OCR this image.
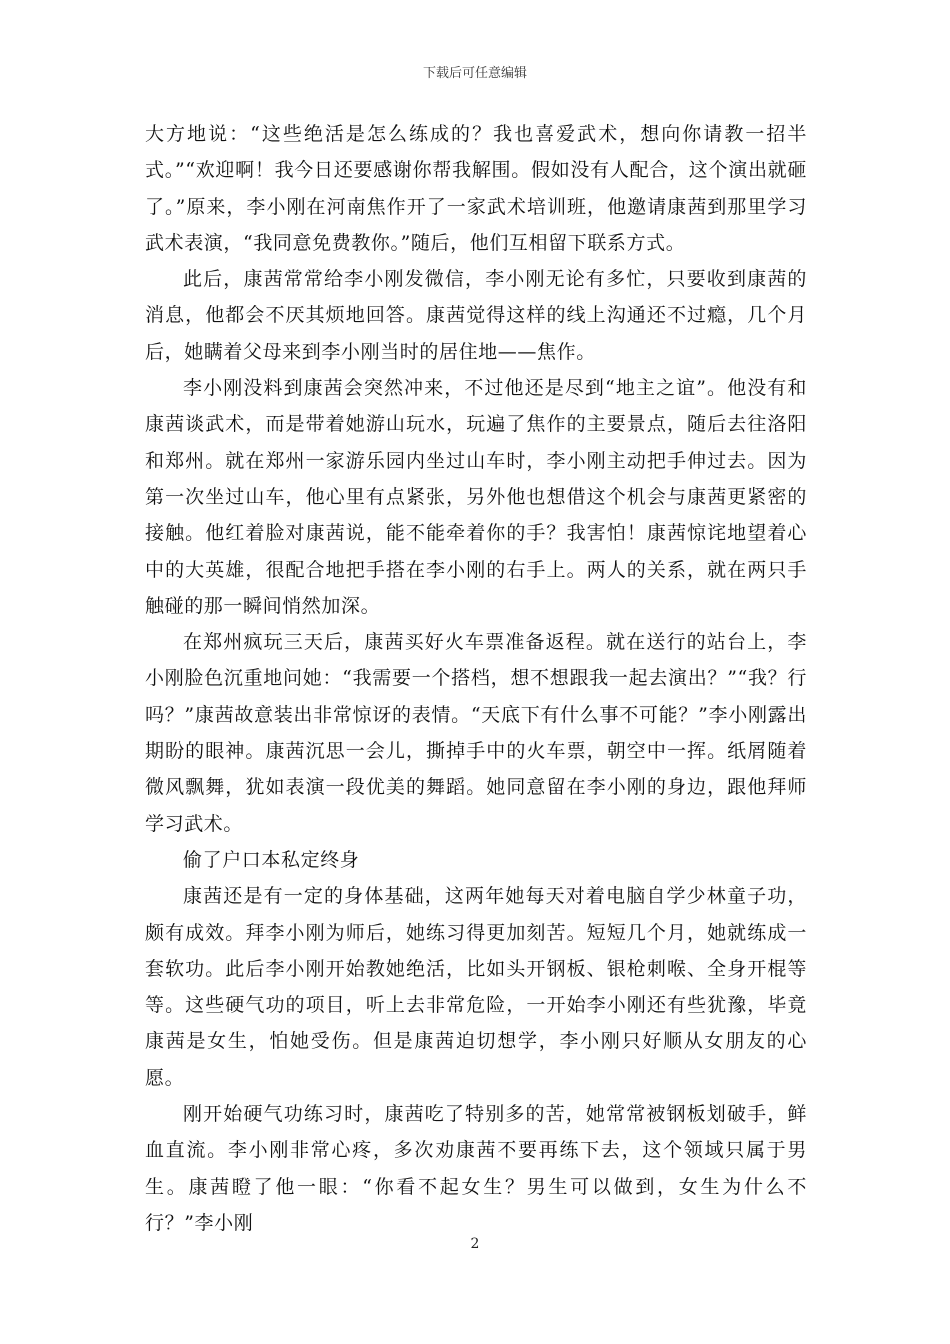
下载后可任意编辑

大方地说：“这些绝活是怎么练成的？我也喜爱武术，想向你请教一招半式。”“欢迎啊！我今日还要感谢你帮我解围。假如没有人配合，这个演出就砸了。”原来，李小刚在河南焦作开了一家武术培训班，他邀请康茜到那里学习武术表演，“我同意免费教你。”随后，他们互相留下联系方式。

此后，康茜常常给李小刚发微信，李小刚无论有多忙，只要收到康茜的消息，他都会不厌其烦地回答。康茜觉得这样的线上沟通还不过瘾，几个月后，她瞒着父母来到李小刚当时的居住地——焦作。

李小刚没料到康茜会突然冲来，不过他还是尽到“地主之谊”。他没有和康茜谈武术，而是带着她游山玩水，玩遍了焦作的主要景点，随后去往洛阳和郑州。就在郑州一家游乐园内坐过山车时，李小刚主动把手伸过去。因为第一次坐过山车，他心里有点紧张，另外他也想借这个机会与康茜更紧密的接触。他红着脸对康茜说，能不能牵着你的手？我害怕！康茜惊诧地望着心中的大英雄，很配合地把手搭在李小刚的右手上。两人的关系，就在两只手触碰的那一瞬间悄然加深。

在郑州疯玩三天后，康茜买好火车票准备返程。就在送行的站台上，李小刚脸色沉重地问她：“我需要一个搭档，想不想跟我一起去演出？”“我？行吗？”康茜故意装出非常惊讶的表情。“天底下有什么事不可能？”李小刚露出期盼的眼神。康茜沉思一会儿，撕掉手中的火车票，朝空中一挥。纸屑随着微风飘舞，犹如表演一段优美的舞蹈。她同意留在李小刚的身边，跟他拜师学习武术。

偷了户口本私定终身

康茜还是有一定的身体基础，这两年她每天对着电脑自学少林童子功，颇有成效。拜李小刚为师后，她练习得更加刻苦。短短几个月，她就练成一套软功。此后李小刚开始教她绝活，比如头开钢板、银枪刺喉、全身开棍等等。这些硬气功的项目，听上去非常危险，一开始李小刚还有些犹豫，毕竟康茜是女生，怕她受伤。但是康茜迫切想学，李小刚只好顺从女朋友的心愿。

刚开始硬气功练习时，康茜吃了特别多的苦，她常常被钢板划破手，鲜血直流。李小刚非常心疼，多次劝康茜不要再练下去，这个领域只属于男生。康茜瞪了他一眼：“你看不起女生？男生可以做到，女生为什么不行？”李小刚

2
